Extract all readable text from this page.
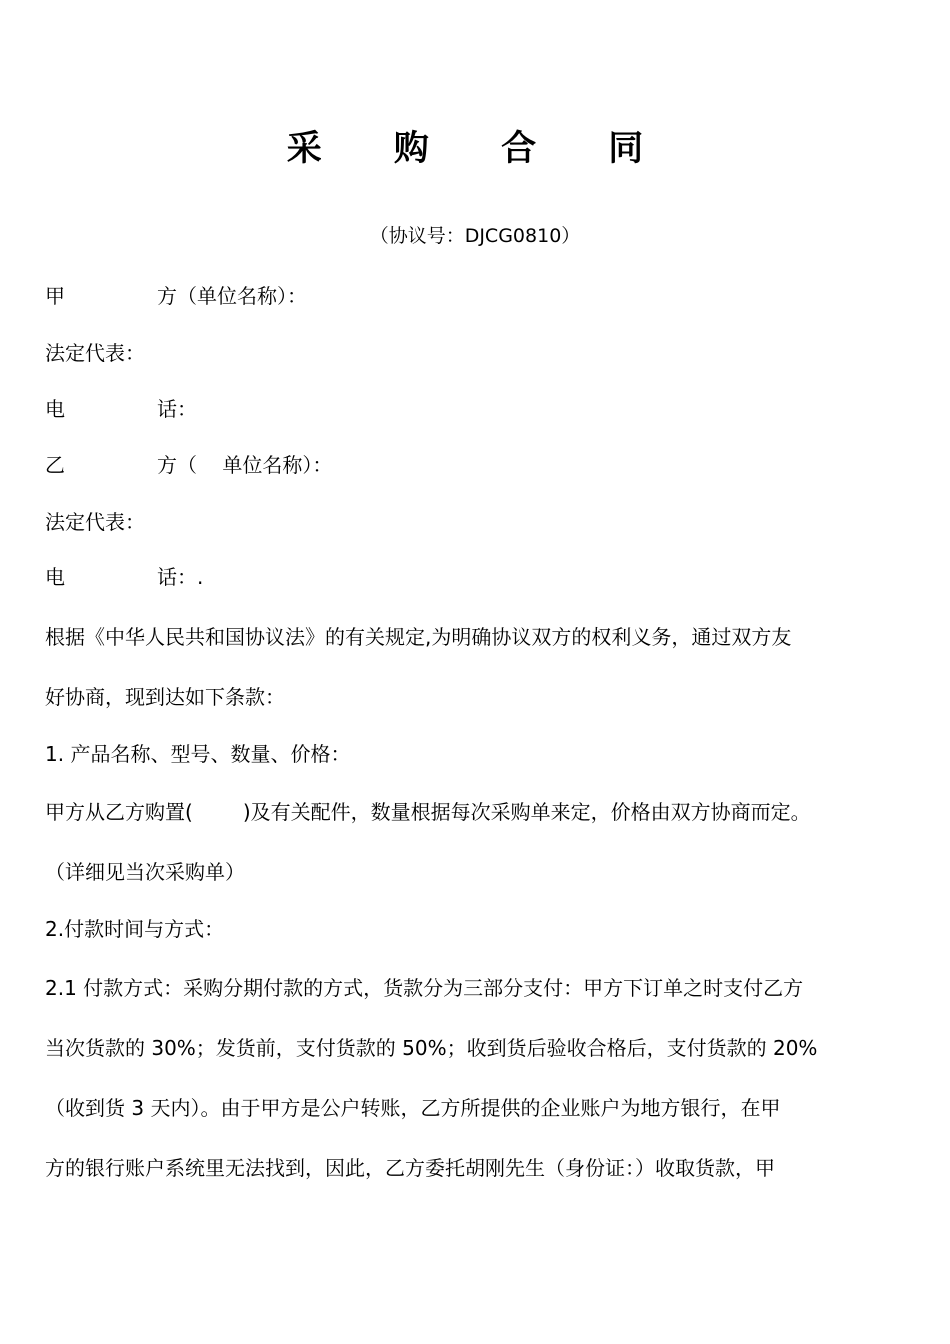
采 购 合 同
（协议号：DJCG0810）
甲	方（单位名称）：
法定代表：
电	话：
乙	方（    单位名称）：
法定代表：
电	话：.
根据《中华人民共和国协议法》的有关规定,为明确协议双方的权利义务，通过双方友
好协商，现到达如下条款：
1. 产品名称、型号、数量、价格：
甲方从乙方购置(	)及有关配件，数量根据每次采购单来定，价格由双方协商而定。
（详细见当次采购单）
2.付款时间与方式：
2.1 付款方式：采购分期付款的方式，货款分为三部分支付：甲方下订单之时支付乙方
当次货款的 30%；发货前，支付货款的 50%；收到货后验收合格后，支付货款的 20%
（收到货 3 天内）。由于甲方是公户转账，乙方所提供的企业账户为地方银行，在甲
方的银行账户系统里无法找到，因此，乙方委托胡刚先生（身份证：）收取货款，甲
